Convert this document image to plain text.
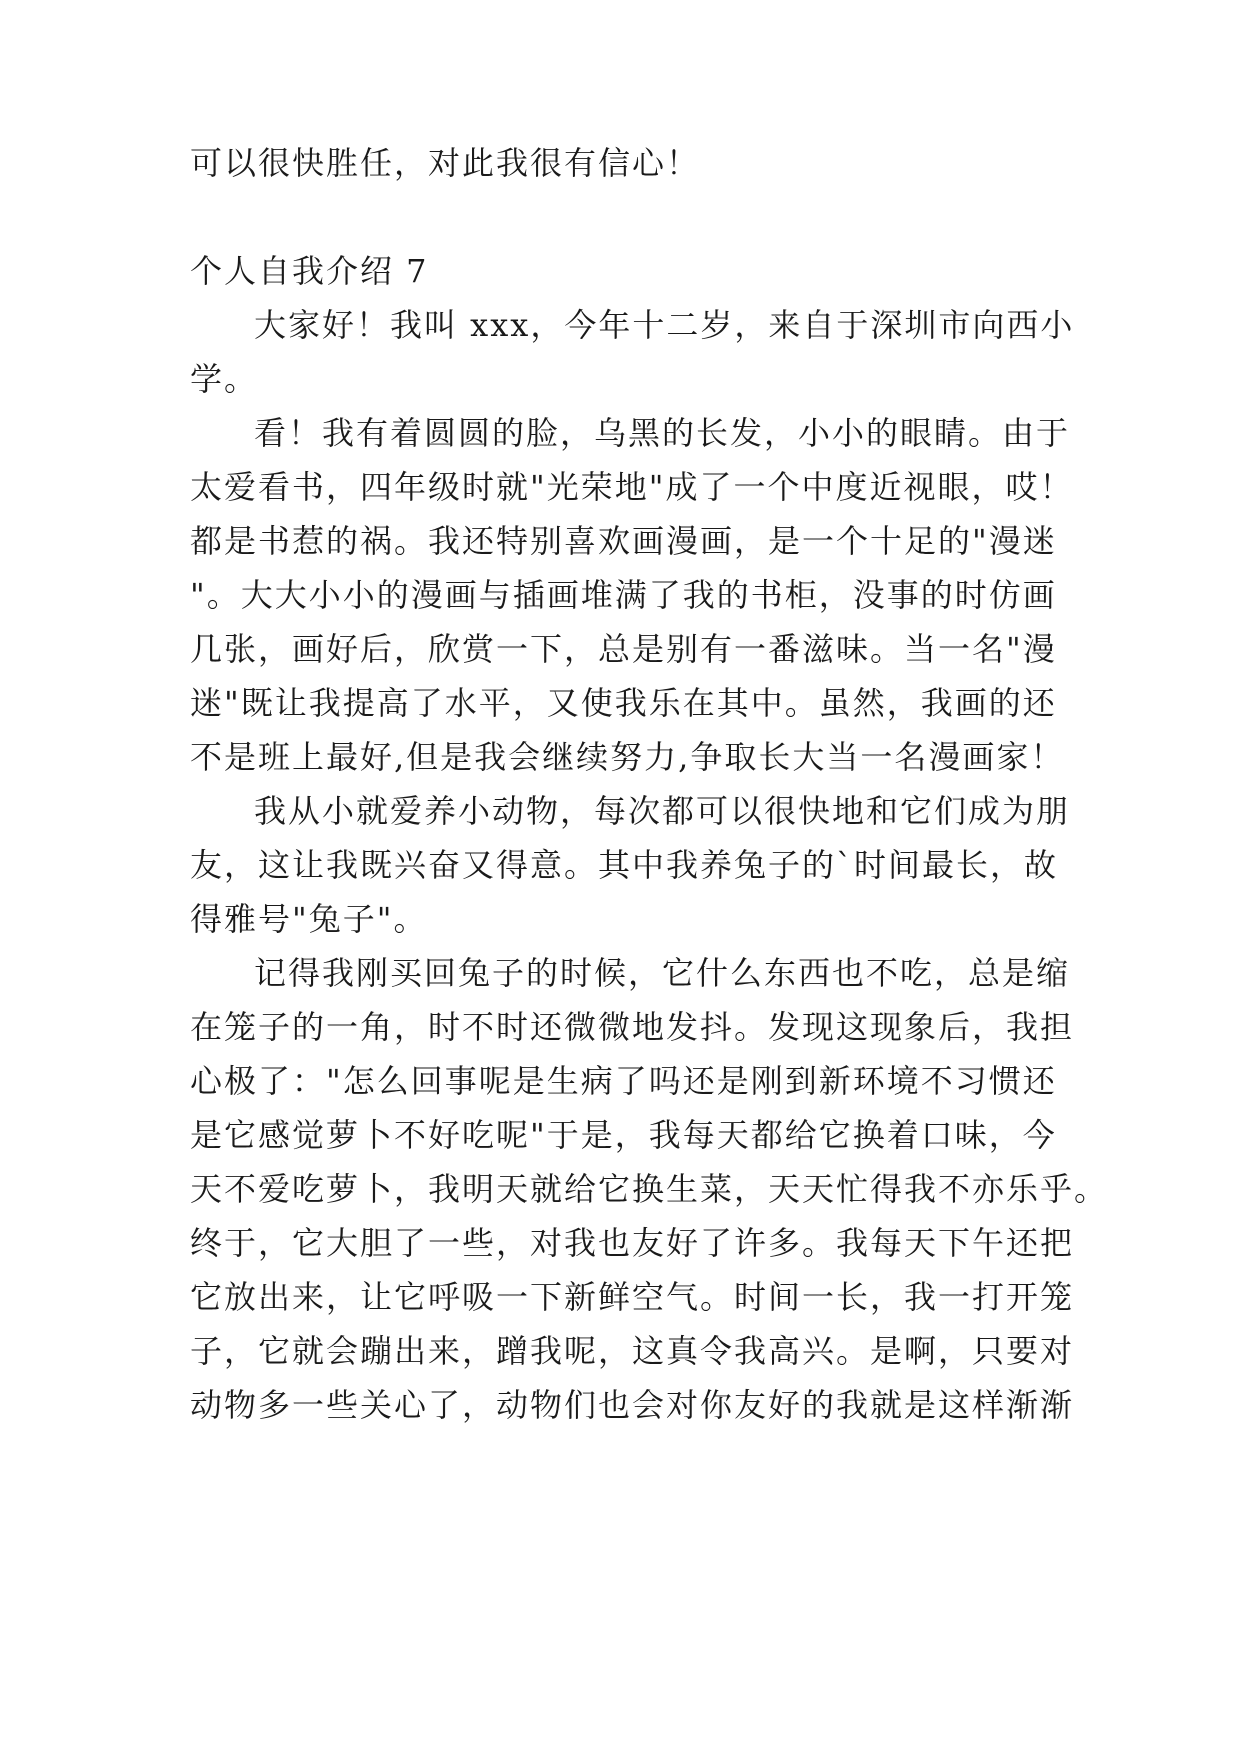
可以很快胜任，对此我很有信心！
个人自我介绍 7
大家好！我叫 xxx，今年十二岁，来自于深圳市向西小
学。
看！我有着圆圆的脸，乌黑的长发，小小的眼睛。由于
太爱看书，四年级时就"光荣地"成了一个中度近视眼，哎！
都是书惹的祸。我还特别喜欢画漫画，是一个十足的"漫迷
"。大大小小的漫画与插画堆满了我的书柜，没事的时仿画
几张，画好后，欣赏一下，总是别有一番滋味。当一名"漫
迷"既让我提高了水平，又使我乐在其中。虽然，我画的还
不是班上最好,但是我会继续努力,争取长大当一名漫画家！
我从小就爱养小动物，每次都可以很快地和它们成为朋
友，这让我既兴奋又得意。其中我养兔子的`时间最长，故
得雅号"兔子"。
记得我刚买回兔子的时候，它什么东西也不吃，总是缩
在笼子的一角，时不时还微微地发抖。发现这现象后，我担
心极了："怎么回事呢是生病了吗还是刚到新环境不习惯还
是它感觉萝卜不好吃呢"于是，我每天都给它换着口味，今
天不爱吃萝卜，我明天就给它换生菜，天天忙得我不亦乐乎。
终于，它大胆了一些，对我也友好了许多。我每天下午还把
它放出来，让它呼吸一下新鲜空气。时间一长，我一打开笼
子，它就会蹦出来，蹭我呢，这真令我高兴。是啊，只要对
动物多一些关心了，动物们也会对你友好的我就是这样渐渐
